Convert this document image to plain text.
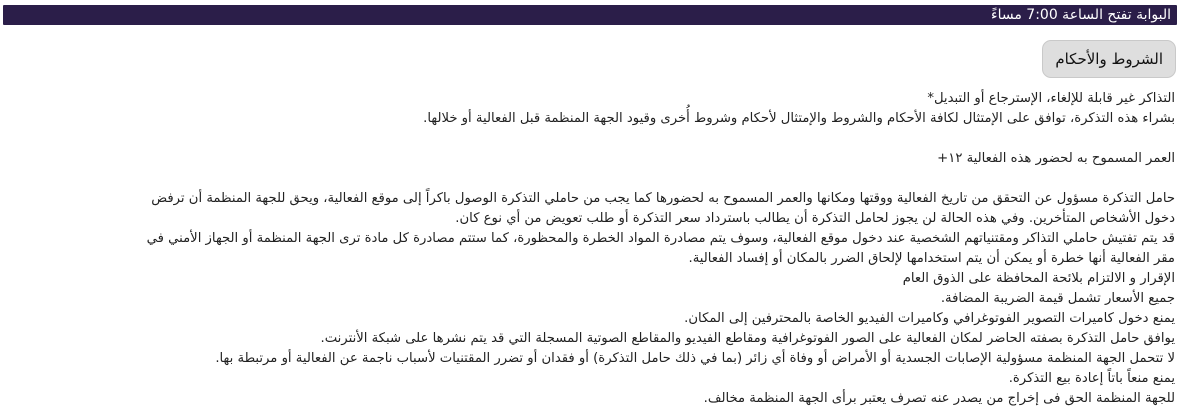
البوابة تفتح الساعة 7:00 مساءً
الشروط والأحكام
التذاكر غير قابلة للإلغاء، الإسترجاع أو التبديل*
بشراء هذه التذكرة، توافق على الإمتثال لكافة الأحكام والشروط والإمتثال لأحكام وشروط أُخرى وقيود الجهة المنظمة قبل الفعالية أو خلالها.
العمر المسموح به لحضور هذه الفعالية ١٢+
حامل التذكرة مسؤول عن التحقق من تاريخ الفعالية ووقتها ومكانها والعمر المسموح به لحضورها كما يجب من حاملي التذكرة الوصول باكراً إلى موقع الفعالية، ويحق للجهة المنظمة أن ترفض
دخول الأشخاص المتأخرين. وفي هذه الحالة لن يجوز لحامل التذكرة أن يطالب باسترداد سعر التذكرة أو طلب تعويض من أي نوع كان.
قد يتم تفتيش حاملي التذاكر ومقتنياتهم الشخصية عند دخول موقع الفعالية، وسوف يتم مصادرة المواد الخطرة والمحظورة، كما ستتم مصادرة كل مادة ترى الجهة المنظمة أو الجهاز الأمني في
مقر الفعالية أنها خطرة أو يمكن أن يتم استخدامها لإلحاق الضرر بالمكان أو إفساد الفعالية.
الإقرار و الالتزام بلائحة المحافظة على الذوق العام
جميع الأسعار تشمل قيمة الضريبة المضافة.
يمنع دخول كاميرات التصوير الفوتوغرافي وكاميرات الفيديو الخاصة بالمحترفين إلى المكان.
يوافق حامل التذكرة بصفته الحاضر لمكان الفعالية على الصور الفوتوغرافية ومقاطع الفيديو والمقاطع الصوتية المسجلة التي قد يتم نشرها على شبكة الأنترنت.
لا تتحمل الجهة المنظمة مسؤولية الإصابات الجسدية أو الأمراض أو وفاة أي زائر (بما في ذلك حامل التذكرة) أو فقدان أو تضرر المقتنيات لأسباب ناجمة عن الفعالية أو مرتبطة بها.
يمنع منعاً باتاً إعادة بيع التذكرة.
للجهة المنظمة الحق فى إخراج من يصدر عنه تصرف يعتبر برأى الجهة المنظمة مخالف.
